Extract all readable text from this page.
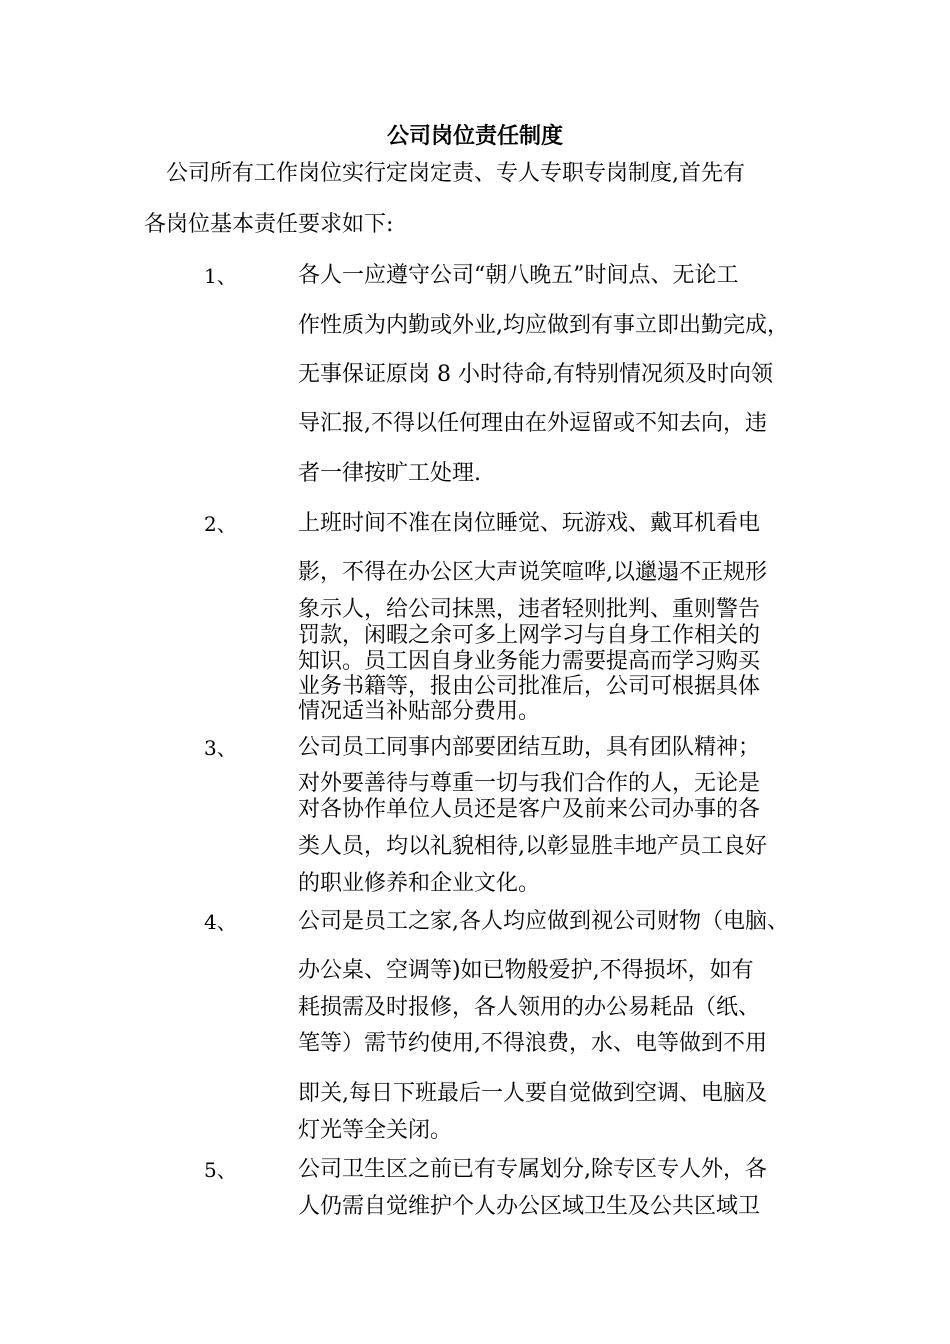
公司岗位责任制度
公司所有工作岗位实行定岗定责、专人专职专岗制度,首先有
各岗位基本责任要求如下:
1、	各人一应遵守公司“朝八晚五”时间点、无论工
作性质为内勤或外业,均应做到有事立即出勤完成，
无事保证原岗 8 小时待命,有特别情况须及时向领
导汇报,不得以任何理由在外逗留或不知去向，违
者一律按旷工处理.
2、	上班时间不准在岗位睡觉、玩游戏、戴耳机看电
影，不得在办公区大声说笑喧哗,以邋遢不正规形
象示人，给公司抹黑，违者轻则批判、重则警告
罚款，闲暇之余可多上网学习与自身工作相关的
知识。员工因自身业务能力需要提高而学习购买
业务书籍等，报由公司批准后，公司可根据具体
情况适当补贴部分费用。
3、	公司员工同事内部要团结互助，具有团队精神；
对外要善待与尊重一切与我们合作的人，无论是
对各协作单位人员还是客户及前来公司办事的各
类人员，均以礼貌相待,以彰显胜丰地产员工良好
的职业修养和企业文化。
4、	公司是员工之家,各人均应做到视公司财物（电脑、
办公桌、空调等)如已物般爱护,不得损坏，如有
耗损需及时报修，各人领用的办公易耗品（纸、
笔等）需节约使用,不得浪费，水、电等做到不用
即关,每日下班最后一人要自觉做到空调、电脑及
灯光等全关闭。
5、	公司卫生区之前已有专属划分,除专区专人外，各
人仍需自觉维护个人办公区域卫生及公共区域卫
